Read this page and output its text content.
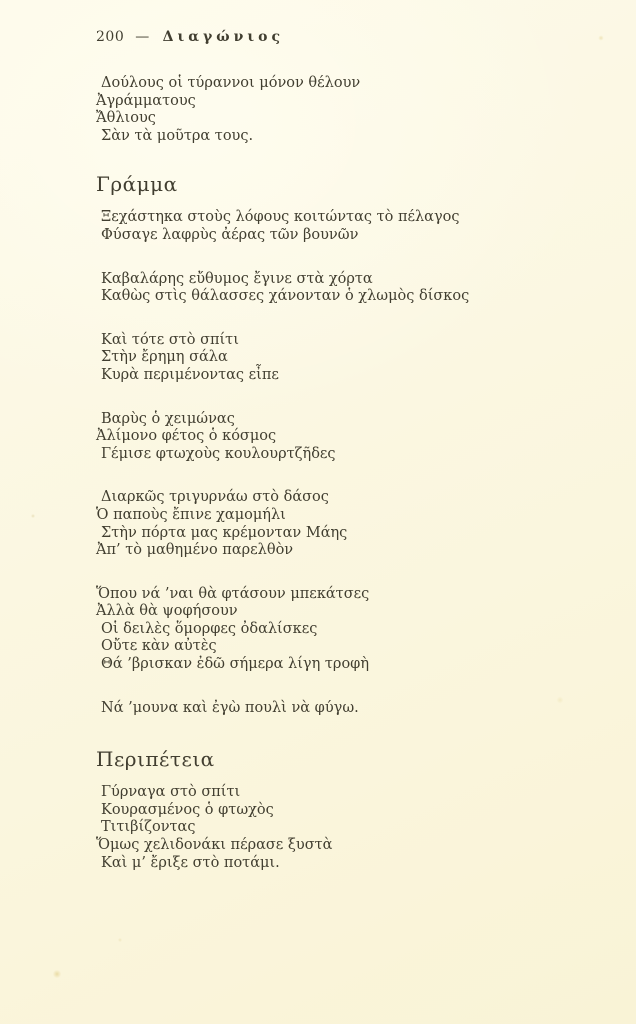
200 — Διαγώνιος
Δούλους οἱ τύραννοι μόνον θέλουν
Ἀγράμματους
Ἄθλιους
Σὰν τὰ μοῦτρα τους.
Γράμμα
Ξεχάστηκα στοὺς λόφους κοιτώντας τὸ πέλαγος
Φύσαγε λαφρὺς ἀέρας τῶν βουνῶν
Καβαλάρης εὔθυμος ἔγινε στὰ χόρτα
Καθὼς στὶς θάλασσες χάνονταν ὁ χλωμὸς δίσκος
Καὶ τότε στὸ σπίτι
Στὴν ἔρημη σάλα
Κυρὰ περιμένοντας εἶπε
Βαρὺς ὁ χειμώνας
Ἀλίμονο φέτος ὁ κόσμος
Γέμισε φτωχοὺς κουλουρτζῆδες
Διαρκῶς τριγυρνάω στὸ δάσος
Ὁ παποὺς ἔπινε χαμομήλι
Στὴν πόρτα μας κρέμονταν Μάης
Ἀπ’ τὸ μαθημένο παρελθὸν
Ὅπου νά ’ναι θὰ φτάσουν μπεκάτσες
Ἀλλὰ θὰ ψοφήσουν
Οἱ δειλὲς ὅμορφες ὀδαλίσκες
Οὔτε κὰν αὐτὲς
Θά ’βρισκαν ἐδῶ σήμερα λίγη τροφὴ
Νά ’μουνα καὶ ἐγὼ πουλὶ νὰ φύγω.
Περιπέτεια
Γύρναγα στὸ σπίτι
Κουρασμένος ὁ φτωχὸς
Τιτιβίζοντας
Ὅμως χελιδονάκι πέρασε ξυστὰ
Καὶ μ’ ἔριξε στὸ ποτάμι.
